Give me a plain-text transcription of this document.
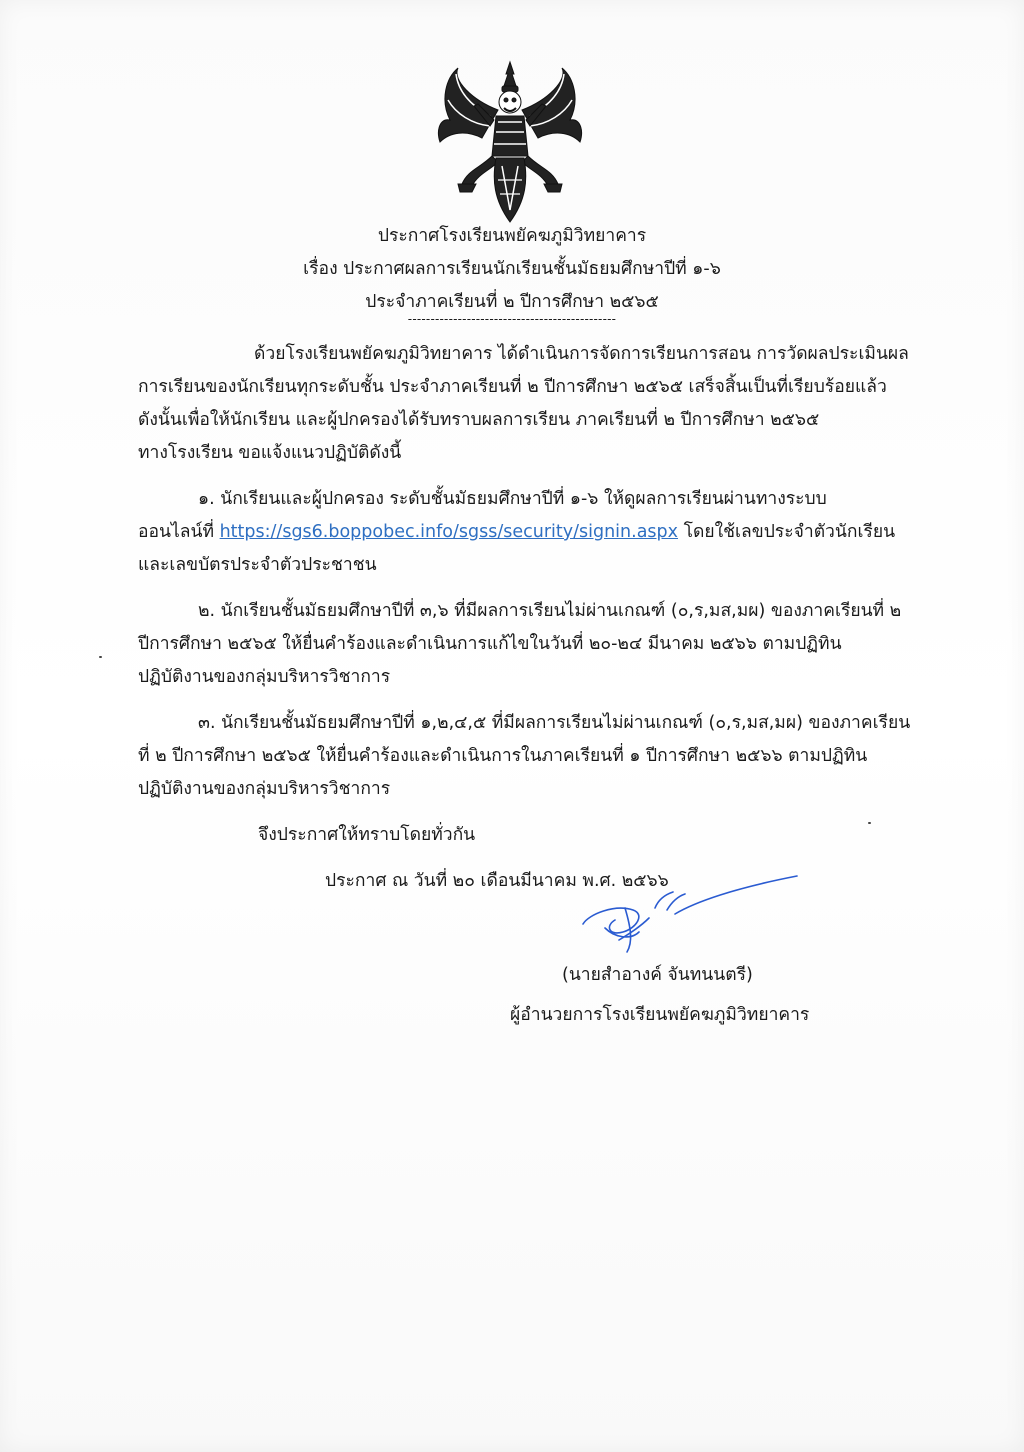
ประกาศโรงเรียนพยัคฆภูมิวิทยาคาร
เรื่อง ประกาศผลการเรียนนักเรียนชั้นมัธยมศึกษาปีที่ ๑-๖
ประจำภาคเรียนที่ ๒ ปีการศึกษา ๒๕๖๕
----------------------------------------------
ด้วยโรงเรียนพยัคฆภูมิวิทยาคาร ได้ดำเนินการจัดการเรียนการสอน การวัดผลประเมินผล
การเรียนของนักเรียนทุกระดับชั้น ประจำภาคเรียนที่ ๒ ปีการศึกษา ๒๕๖๕ เสร็จสิ้นเป็นที่เรียบร้อยแล้ว
ดังนั้นเพื่อให้นักเรียน และผู้ปกครองได้รับทราบผลการเรียน ภาคเรียนที่ ๒ ปีการศึกษา ๒๕๖๕
ทางโรงเรียน ขอแจ้งแนวปฏิบัติดังนี้
๑. นักเรียนและผู้ปกครอง ระดับชั้นมัธยมศึกษาปีที่ ๑-๖ ให้ดูผลการเรียนผ่านทางระบบ
ออนไลน์ที่ https://sgs6.boppobec.info/sgss/security/signin.aspx โดยใช้เลขประจำตัวนักเรียน
และเลขบัตรประจำตัวประชาชน
๒. นักเรียนชั้นมัธยมศึกษาปีที่ ๓,๖ ที่มีผลการเรียนไม่ผ่านเกณฑ์ (๐,ร,มส,มผ) ของภาคเรียนที่ ๒
ปีการศึกษา ๒๕๖๕ ให้ยื่นคำร้องและดำเนินการแก้ไขในวันที่ ๒๐-๒๔ มีนาคม ๒๕๖๖ ตามปฏิทิน
ปฏิบัติงานของกลุ่มบริหารวิชาการ
๓. นักเรียนชั้นมัธยมศึกษาปีที่ ๑,๒,๔,๕ ที่มีผลการเรียนไม่ผ่านเกณฑ์ (๐,ร,มส,มผ) ของภาคเรียน
ที่ ๒ ปีการศึกษา ๒๕๖๕ ให้ยื่นคำร้องและดำเนินการในภาคเรียนที่ ๑ ปีการศึกษา ๒๕๖๖ ตามปฏิทิน
ปฏิบัติงานของกลุ่มบริหารวิชาการ
จึงประกาศให้ทราบโดยทั่วกัน
ประกาศ ณ วันที่ ๒๐ เดือนมีนาคม พ.ศ. ๒๕๖๖
(นายสำอางค์ จันทนนตรี)
ผู้อำนวยการโรงเรียนพยัคฆภูมิวิทยาคาร
